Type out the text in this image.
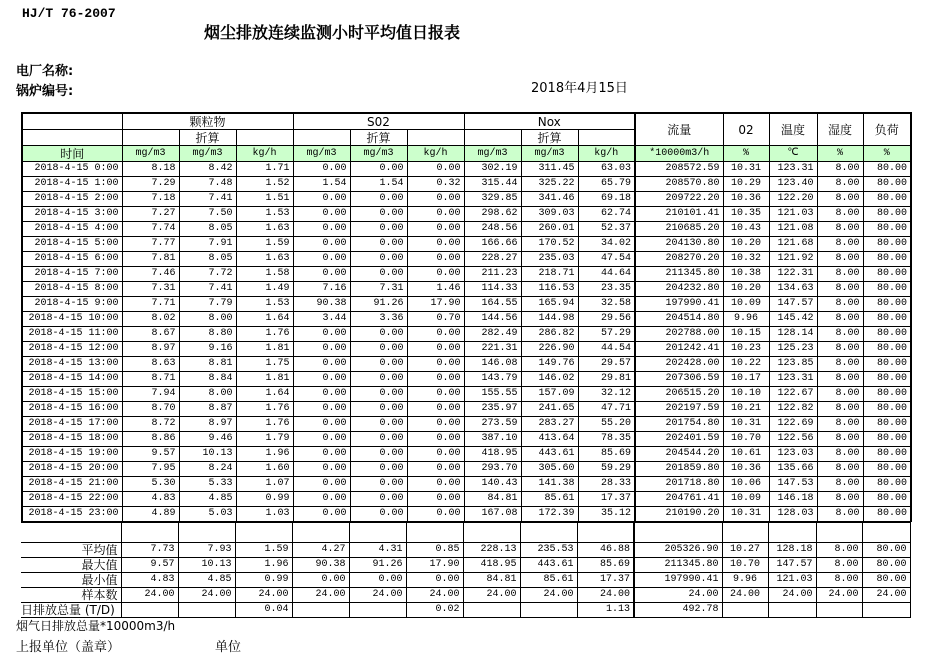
HJ/T 76-2007
烟尘排放连续监测小时平均值日报表
电厂名称:
锅炉编号:	2018年4月15日
	颗粒物			S02			Nox			流量	02	温度	湿度	负荷
		折算			折算			折算						
时间	mg/m3	mg/m3	kg/h	mg/m3	mg/m3	kg/h	mg/m3	mg/m3	kg/h	*10000m3/h	%	℃	%	%
2018-4-15 0:00	8.18	8.42	1.71	0.00	0.00	0.00	302.19	311.45	63.03	208572.59	10.31	123.31	8.00	80.00
2018-4-15 1:00	7.29	7.48	1.52	1.54	1.54	0.32	315.44	325.22	65.79	208570.80	10.29	123.40	8.00	80.00
2018-4-15 2:00	7.18	7.41	1.51	0.00	0.00	0.00	329.85	341.46	69.18	209722.20	10.36	122.20	8.00	80.00
2018-4-15 3:00	7.27	7.50	1.53	0.00	0.00	0.00	298.62	309.03	62.74	210101.41	10.35	121.03	8.00	80.00
2018-4-15 4:00	7.74	8.05	1.63	0.00	0.00	0.00	248.56	260.01	52.37	210685.20	10.43	121.08	8.00	80.00
2018-4-15 5:00	7.77	7.91	1.59	0.00	0.00	0.00	166.66	170.52	34.02	204130.80	10.20	121.68	8.00	80.00
2018-4-15 6:00	7.81	8.05	1.63	0.00	0.00	0.00	228.27	235.03	47.54	208270.20	10.32	121.92	8.00	80.00
2018-4-15 7:00	7.46	7.72	1.58	0.00	0.00	0.00	211.23	218.71	44.64	211345.80	10.38	122.31	8.00	80.00
2018-4-15 8:00	7.31	7.41	1.49	7.16	7.31	1.46	114.33	116.53	23.35	204232.80	10.20	134.63	8.00	80.00
2018-4-15 9:00	7.71	7.79	1.53	90.38	91.26	17.90	164.55	165.94	32.58	197990.41	10.09	147.57	8.00	80.00
2018-4-15 10:00	8.02	8.00	1.64	3.44	3.36	0.70	144.56	144.98	29.56	204514.80	9.96	145.42	8.00	80.00
2018-4-15 11:00	8.67	8.80	1.76	0.00	0.00	0.00	282.49	286.82	57.29	202788.00	10.15	128.14	8.00	80.00
2018-4-15 12:00	8.97	9.16	1.81	0.00	0.00	0.00	221.31	226.90	44.54	201242.41	10.23	125.23	8.00	80.00
2018-4-15 13:00	8.63	8.81	1.75	0.00	0.00	0.00	146.08	149.76	29.57	202428.00	10.22	123.85	8.00	80.00
2018-4-15 14:00	8.71	8.84	1.81	0.00	0.00	0.00	143.79	146.02	29.81	207306.59	10.17	123.31	8.00	80.00
2018-4-15 15:00	7.94	8.00	1.64	0.00	0.00	0.00	155.55	157.09	32.12	206515.20	10.10	122.67	8.00	80.00
2018-4-15 16:00	8.70	8.87	1.76	0.00	0.00	0.00	235.97	241.65	47.71	202197.59	10.21	122.82	8.00	80.00
2018-4-15 17:00	8.72	8.97	1.76	0.00	0.00	0.00	273.59	283.27	55.20	201754.80	10.31	122.69	8.00	80.00
2018-4-15 18:00	8.86	9.46	1.79	0.00	0.00	0.00	387.10	413.64	78.35	202401.59	10.70	122.56	8.00	80.00
2018-4-15 19:00	9.57	10.13	1.96	0.00	0.00	0.00	418.95	443.61	85.69	204544.20	10.61	123.03	8.00	80.00
2018-4-15 20:00	7.95	8.24	1.60	0.00	0.00	0.00	293.70	305.60	59.29	201859.80	10.36	135.66	8.00	80.00
2018-4-15 21:00	5.30	5.33	1.07	0.00	0.00	0.00	140.43	141.38	28.33	201718.80	10.06	147.53	8.00	80.00
2018-4-15 22:00	4.83	4.85	0.99	0.00	0.00	0.00	84.81	85.61	17.37	204761.41	10.09	146.18	8.00	80.00
2018-4-15 23:00	4.89	5.03	1.03	0.00	0.00	0.00	167.08	172.39	35.12	210190.20	10.31	128.03	8.00	80.00

平均值	7.73	7.93	1.59	4.27	4.31	0.85	228.13	235.53	46.88	205326.90	10.27	128.18	8.00	80.00
最大值	9.57	10.13	1.96	90.38	91.26	17.90	418.95	443.61	85.69	211345.80	10.70	147.57	8.00	80.00
最小值	4.83	4.85	0.99	0.00	0.00	0.00	84.81	85.61	17.37	197990.41	9.96	121.03	8.00	80.00
样本数	24.00	24.00	24.00	24.00	24.00	24.00	24.00	24.00	24.00	24.00	24.00	24.00	24.00	24.00
日排放总量 (T/D)			0.04			0.02			1.13	492.78				
烟气日排放总量*10000m3/h
上报单位（盖章）	单位
